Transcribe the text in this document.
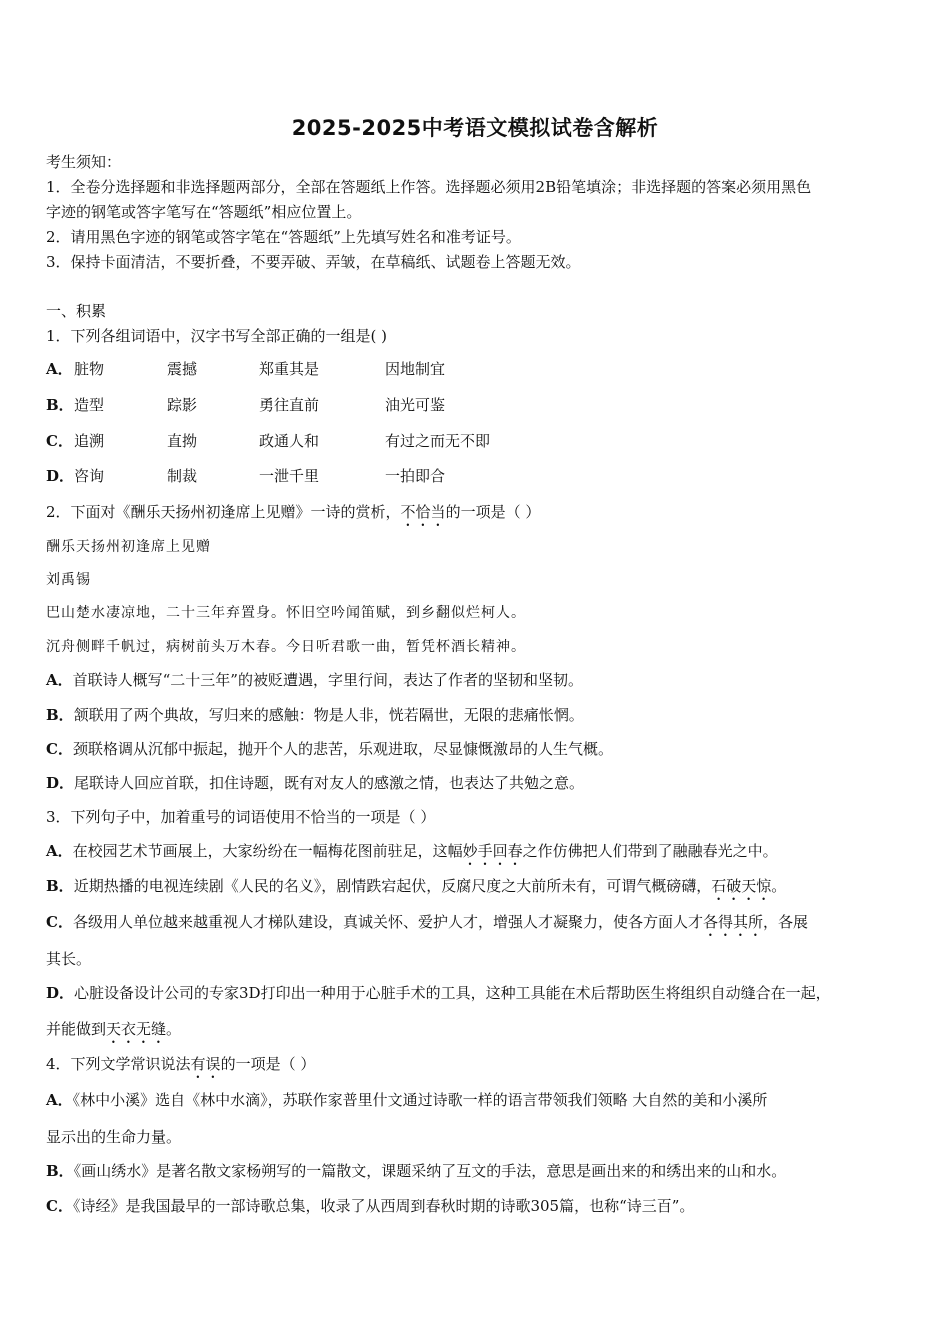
2025-2025中考语文模拟试卷含解析
考生须知：
1．全卷分选择题和非选择题两部分，全部在答题纸上作答。选择题必须用2B铅笔填涂；非选择题的答案必须用黑色
字迹的钢笔或答字笔写在“答题纸”相应位置上。
2．请用黑色字迹的钢笔或答字笔在“答题纸”上先填写姓名和准考证号。
3．保持卡面清洁，不要折叠，不要弄破、弄皱，在草稿纸、试题卷上答题无效。
一、积累
1．下列各组词语中，汉字书写全部正确的一组是( )
A． 脏物	震撼	郑重其是	因地制宜
B． 造型	踪影	勇往直前	油光可鉴
C． 追溯	直拗	政通人和	有过之而无不即
D． 咨询	制裁	一泄千里	一拍即合
2．下面对《酬乐天扬州初逢席上见赠》一诗的赏析，不恰当的一项是（ ）
酬乐天扬州初逢席上见赠
刘禹锡
巴山楚水凄凉地，二十三年弃置身。怀旧空吟闻笛赋，到乡翻似烂柯人。
沉舟侧畔千帆过，病树前头万木春。今日听君歌一曲，暂凭杯酒长精神。
A．首联诗人概写“二十三年”的被贬遭遇，字里行间，表达了作者的坚韧和坚韧。
B．颔联用了两个典故，写归来的感触：物是人非，恍若隔世，无限的悲痛怅惘。
C．颈联格调从沉郁中振起，抛开个人的悲苦，乐观进取，尽显慷慨激昂的人生气概。
D．尾联诗人回应首联，扣住诗题，既有对友人的感激之情，也表达了共勉之意。
3．下列句子中，加着重号的词语使用不恰当的一项是（ ）
A．在校园艺术节画展上，大家纷纷在一幅梅花图前驻足，这幅妙手回春之作仿佛把人们带到了融融春光之中。
B．近期热播的电视连续剧《人民的名义》，剧情跌宕起伏，反腐尺度之大前所未有，可谓气概磅礴，石破天惊。
C．各级用人单位越来越重视人才梯队建设，真诚关怀、爱护人才，增强人才凝聚力，使各方面人才各得其所，各展
其长。
D．心脏设备设计公司的专家3D打印出一种用于心脏手术的工具，这种工具能在术后帮助医生将组织自动缝合在一起，
并能做到天衣无缝。
4．下列文学常识说法有误的一项是（ ）
A．《林中小溪》选自《林中水滴》，苏联作家普里什文通过诗歌一样的语言带领我们领略 大自然的美和小溪所
显示出的生命力量。
B．《画山绣水》是著名散文家杨朔写的一篇散文，课题采纳了互文的手法，意思是画出来的和绣出来的山和水。
C．《诗经》是我国最早的一部诗歌总集，收录了从西周到春秋时期的诗歌305篇，也称“诗三百”。
